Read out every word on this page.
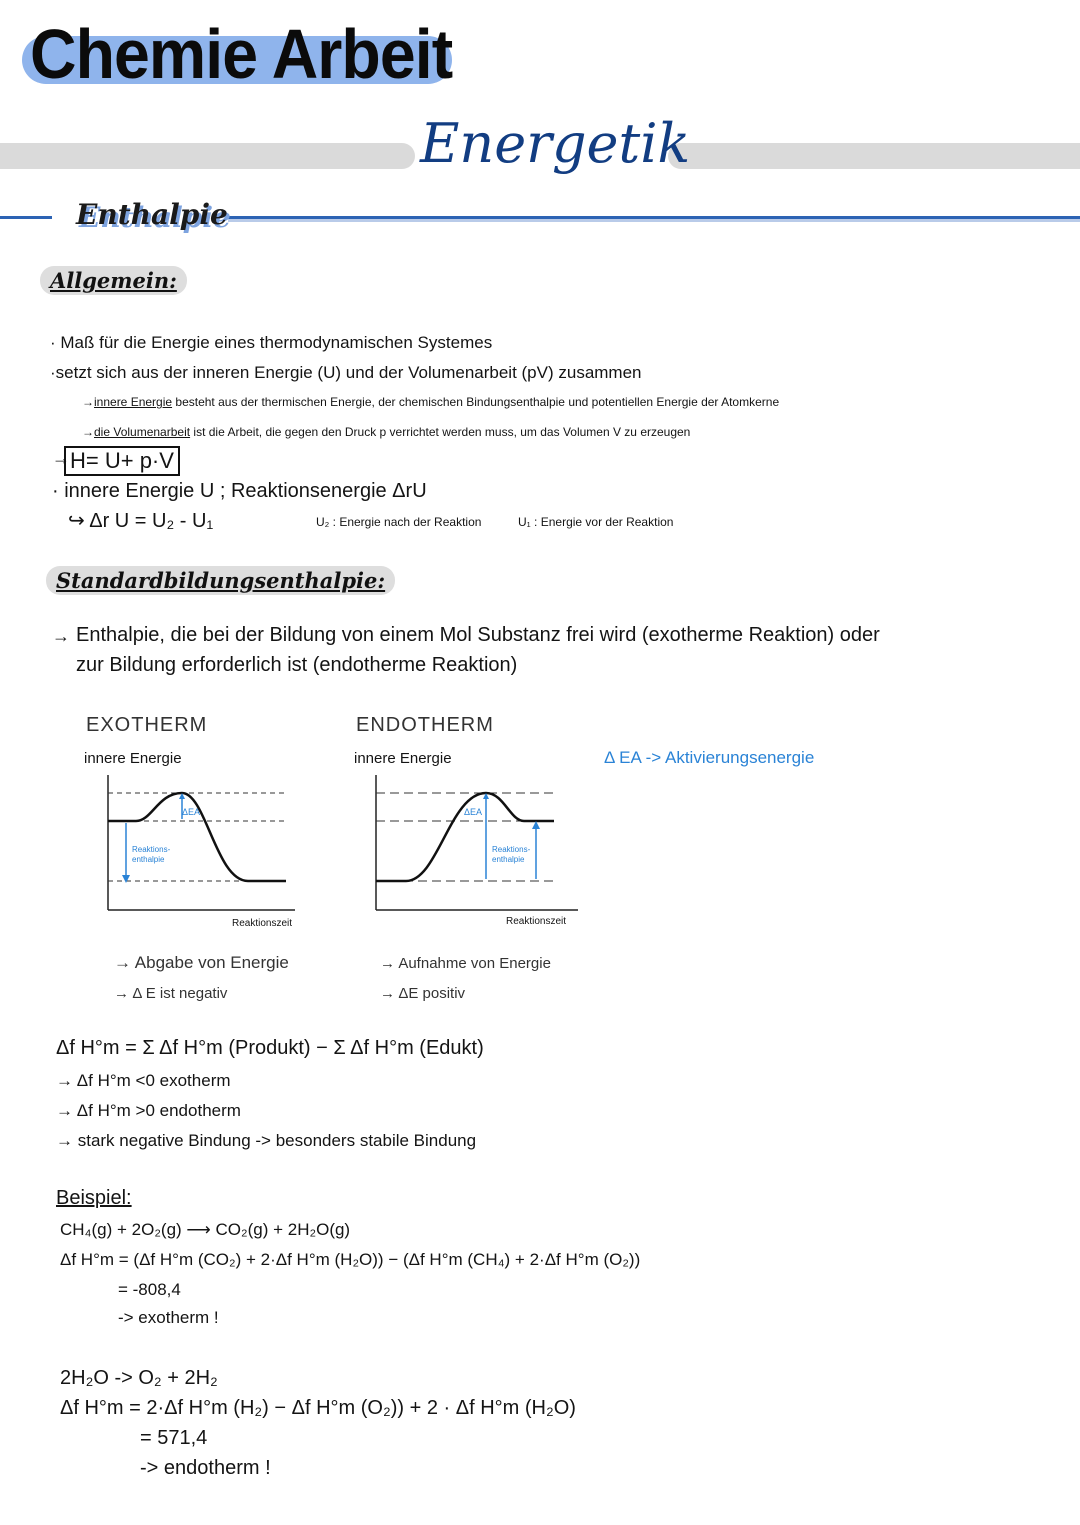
Chemie Arbeit
Energetik
Enthalpie
Allgemein:
· Maß für die Energie eines thermodynamischen Systemes
·setzt sich aus der inneren Energie (U) und der Volumenarbeit (pV) zusammen
→innere Energie besteht aus der thermischen Energie, der chemischen Bindungsenthalpie und potentiellen Energie der Atomkerne
→die Volumenarbeit ist die Arbeit, die gegen den Druck p verrichtet werden muss, um das Volumen V zu erzeugen
→ H= U+ p·V
· innere Energie U ; Reaktionsenergie ΔrU
↪ Δr U = U₂ - U₁	U₂ : Energie nach der Reaktion	U₁ : Energie vor der Reaktion
Standardbildungsenthalpie:
→ Enthalpie, die bei der Bildung von einem Mol Substanz frei wird (exotherme Reaktion) oder
zur Bildung erforderlich ist (endotherme Reaktion)
EXOTHERM	ENDOTHERM
innere Energie	innere Energie	Δ EA -> Aktivierungsenergie
ΔEA
Reaktions-
enthalpie
Reaktionszeit
ΔEA
Reaktions-
enthalpie
Reaktionszeit
→ Abgabe von Energie
→ Δ E ist negativ
→ Aufnahme von Energie
→ ΔE positiv
Δf H°m = Σ Δf H°m (Produkt) − Σ Δf H°m (Edukt)
→ Δf H°m <0 exotherm
→ Δf H°m >0 endotherm
→ stark negative Bindung -> besonders stabile Bindung
Beispiel:
CH₄(g) + 2O₂(g) ⟶ CO₂(g) + 2H₂O(g)
Δf H°m = (Δf H°m (CO₂) + 2·Δf H°m (H₂O)) − (Δf H°m (CH₄) + 2·Δf H°m (O₂))
= -808,4
-> exotherm !
2H₂O -> O₂ + 2H₂
Δf H°m = 2·Δf H°m (H₂) − Δf H°m (O₂)) + 2 · Δf H°m (H₂O)
= 571,4
-> endotherm !
